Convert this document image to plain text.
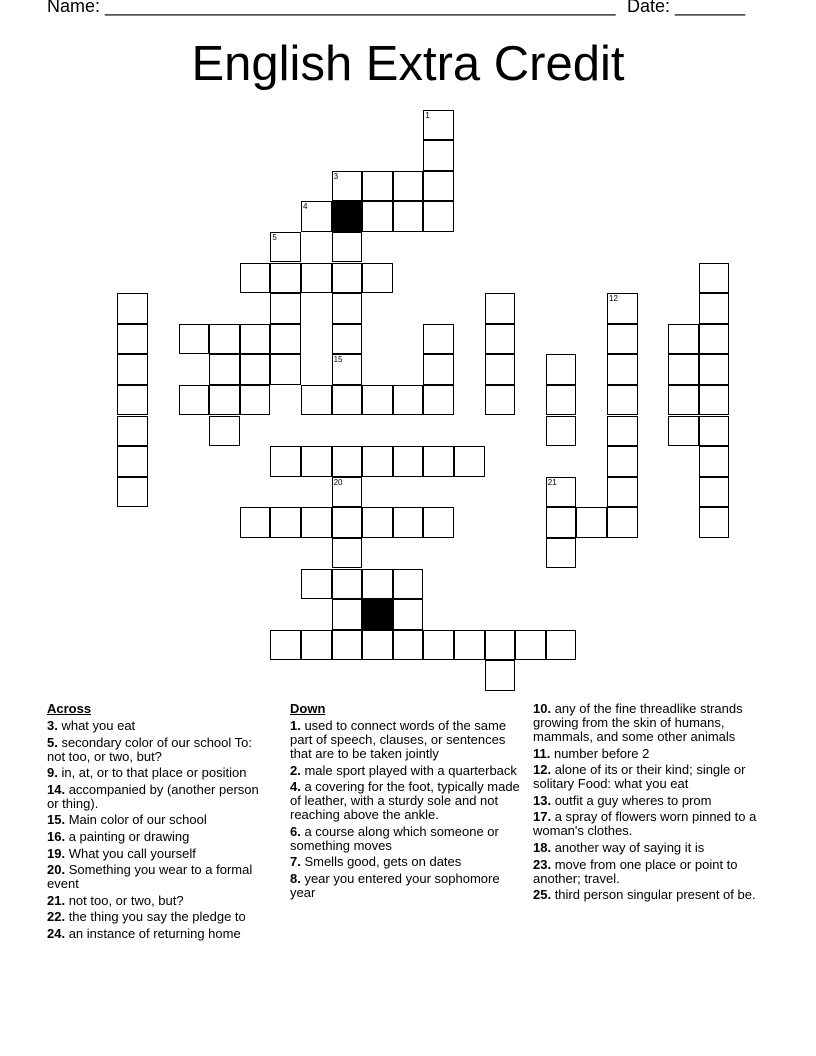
Name: ___________________________________________________ Date: _______
English Extra Credit
1
3
4
5
15
20	21
12
Across
3. what you eat
5. secondary color of our school To: not too, or two, but?
9. in, at, or to that place or position
14. accompanied by (another person or thing).
15. Main color of our school
16. a painting or drawing
19. What you call yourself
20. Something you wear to a formal event
21. not too, or two, but?
22. the thing you say the pledge to
24. an instance of returning home
Down
1. used to connect words of the same part of speech, clauses, or sentences that are to be taken jointly
2. male sport played with a quarterback
4. a covering for the foot, typically made of leather, with a sturdy sole and not reaching above the ankle.
6. a course along which someone or something moves
7. Smells good, gets on dates
8. year you entered your sophomore year
10. any of the fine threadlike strands growing from the skin of humans, mammals, and some other animals
11. number before 2
12. alone of its or their kind; single or solitary Food: what you eat
13. outfit a guy wheres to prom
17. a spray of flowers worn pinned to a woman's clothes.
18. another way of saying it is
23. move from one place or point to another; travel.
25. third person singular present of be.
